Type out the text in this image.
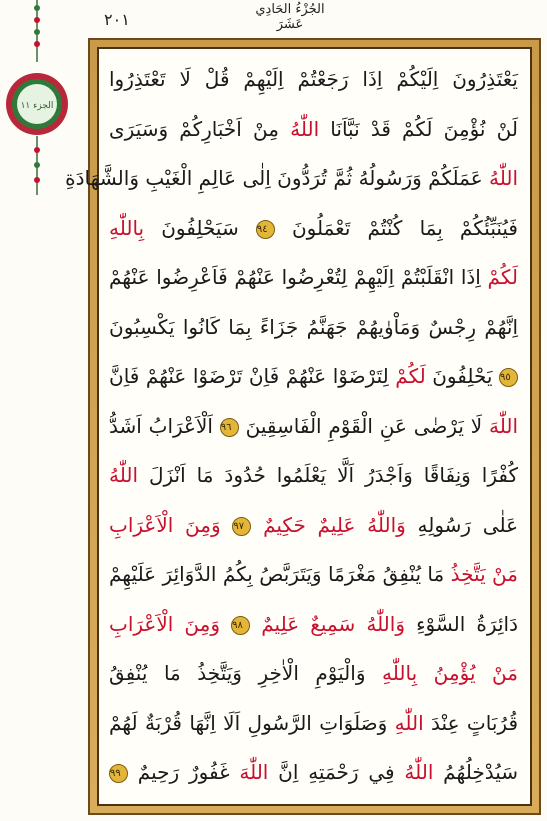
٢٠١
الجُزْءُ الحَادِي عَشَرَ
الجزء ١١
يَعْتَذِرُونَ اِلَيْكُمْ اِذَا رَجَعْتُمْ اِلَيْهِمْ قُلْ لَا تَعْتَذِرُوا
لَنْ نُؤْمِنَ لَكُمْ قَدْ نَبَّاَنَا اللّٰهُ مِنْ اَخْبَارِكُمْ وَسَيَرَى
اللّٰهُ عَمَلَكُمْ وَرَسُولُهُ ثُمَّ تُرَدُّونَ اِلٰى عَالِمِ الْغَيْبِ وَالشَّهَادَةِ
فَيُنَبِّئُكُمْ بِمَا كُنْتُمْ تَعْمَلُونَ ٩٤ سَيَحْلِفُونَ بِاللّٰهِ
لَكُمْ اِذَا انْقَلَبْتُمْ اِلَيْهِمْ لِتُعْرِضُوا عَنْهُمْ فَاَعْرِضُوا عَنْهُمْ
اِنَّهُمْ رِجْسٌ وَمَاْوٰيهُمْ جَهَنَّمُ جَزَاءً بِمَا كَانُوا يَكْسِبُونَ
٩٥ يَحْلِفُونَ لَكُمْ لِتَرْضَوْا عَنْهُمْ فَاِنْ تَرْضَوْا عَنْهُمْ فَاِنَّ
اللّٰهَ لَا يَرْضٰى عَنِ الْقَوْمِ الْفَاسِقِينَ ٩٦ اَلْاَعْرَابُ اَشَدُّ
كُفْرًا وَنِفَاقًا وَاَجْدَرُ اَلَّا يَعْلَمُوا حُدُودَ مَا اَنْزَلَ اللّٰهُ
عَلٰى رَسُولِهِ وَاللّٰهُ عَلِيمٌ حَكِيمٌ ٩٧ وَمِنَ الْاَعْرَابِ
مَنْ يَتَّخِذُ مَا يُنْفِقُ مَغْرَمًا وَيَتَرَبَّصُ بِكُمُ الدَّوَائِرَ عَلَيْهِمْ
دَائِرَةُ السَّوْءِ وَاللّٰهُ سَمِيعٌ عَلِيمٌ ٩٨ وَمِنَ الْاَعْرَابِ
مَنْ يُؤْمِنُ بِاللّٰهِ وَالْيَوْمِ الْاٰخِرِ وَيَتَّخِذُ مَا يُنْفِقُ
قُرُبَاتٍ عِنْدَ اللّٰهِ وَصَلَوَاتِ الرَّسُولِ اَلَا اِنَّهَا قُرْبَةٌ لَهُمْ
سَيُدْخِلُهُمُ اللّٰهُ فِي رَحْمَتِهِ اِنَّ اللّٰهَ غَفُورٌ رَحِيمٌ ٩٩
